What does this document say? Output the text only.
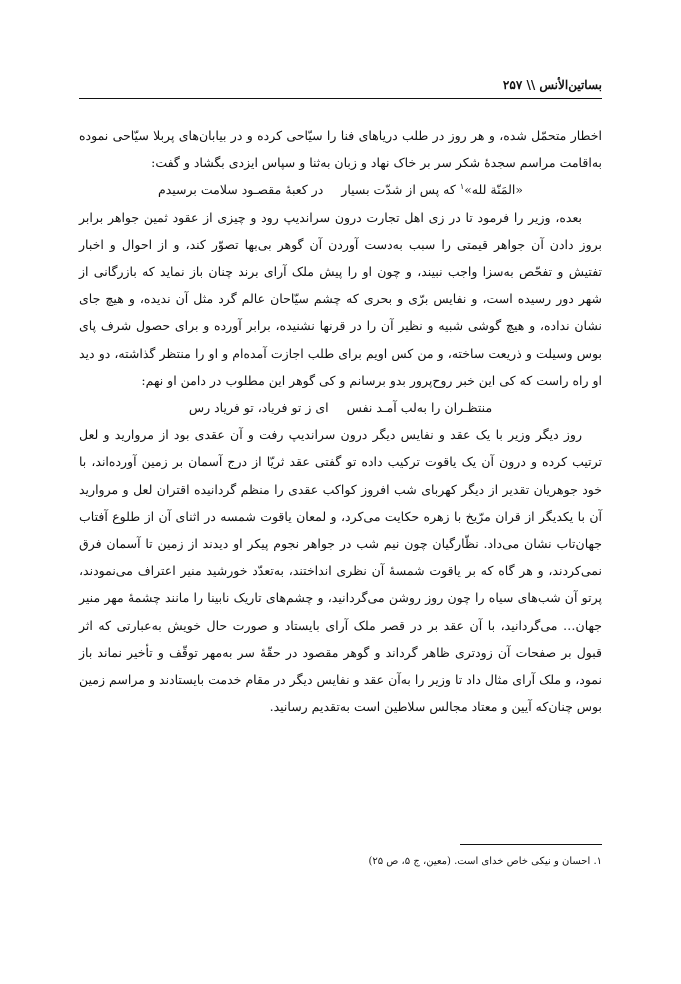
بساتین‌الأنس \\ ۲۵۷

اخطار متحمّل شده، و هر روز در طلب دریاهای فنا را سیّاحی کرده و در بیابان‌های پربلا سیّاحی نموده به‌اقامت مراسم سجدهٔ شکر سر بر خاک نهاد و زبان به‌ثنا و سپاس ایزدی بگشاد و گفت:

«المَنّة لله»$^۱$ که پس از شدّت بسیاردر کعبهٔ مقصـود سلامت برسیدم

بعده، وزیر را فرمود تا در زی اهل تجارت درون سراندیپ رود و چیزی از عقود ثمین جواهر برابر بروز دادن آن جواهر قیمتی را سبب به‌دست آوردن آن گوهر بی‌بها تصوّر کند، و از احوال و اخبار تفتیش و تفحّص به‌سزا واجب نبیند، و چون او را پیش ملک آرای برند چنان باز نماید که بازرگانی از شهر دور رسیده است، و نفایس برّی و بحری که چشم سیّاحان عالم گرد مثل آن ندیده، و هیچ جای نشان نداده، و هیچ گوشی شبیه و نظیر آن را در قرنها نشنیده، برابر آورده و برای حصول شرف پای بوس وسیلت و ذریعت ساخته، و من کس اویم برای طلب اجازت آمده‌ام و او را منتظر گذاشته، دو دید او راه راست که کی این خبر روح‌پرور بدو برسانم و کی گوهر این مطلوب در دامن او نهم:

منتظـران را به‌لب آمـد نفسای ز تو فریاد، تو فریاد رس

روز دیگر وزیر با یک عقد و نفایس دیگر درون سراندیپ رفت و آن عقدی بود از مروارید و لعل ترتیب کرده و درون آن یک یاقوت ترکیب داده تو گفتی عقد ثریّا از درج آسمان بر زمین آورده‌اند، با خود جوهریان تقدیر از دیگر کهربای شب افروز کواکب عقدی را منظم گردانیده اقتران لعل و مروارید آن با یکدیگر از قران مرّیخ با زهره حکایت می‌کرد، و لمعان یاقوت شمسه در اثنای آن از طلوع آفتاب جهان‌تاب نشان می‌داد. نظّارگیان چون نیم شب در جواهر نجوم پیکر او دیدند از زمین تا آسمان فرق نمی‌کردند، و هر گاه که بر یاقوت شمسهٔ آن نظری انداختند، به‌تعدّد خورشید منیر اعتراف می‌نمودند، پرتو آن شب‌های سیاه را چون روز روشن می‌گردانید، و چشم‌های تاریک نابینا را مانند چشمهٔ مهر منیر جهان… می‌گردانید، با آن عقد بر در قصر ملک آرای بایستاد و صورت حال خویش به‌عبارتی که اثر قبول بر صفحات آن زودتری ظاهر گرداند و گوهر مقصود در حقّهٔ سر به‌مهر توقّف و تأخیر نماند باز نمود، و ملک آرای مثال داد تا وزیر را به‌آن عقد و نفایس دیگر در مقام خدمت بایستادند و مراسم زمین بوس چنان‌که آیین و معتاد مجالس سلاطین است به‌تقدیم رسانید.

۱. احسان و نیکی خاص خدای است. (معین، ج ۵، ص ۲۵)
